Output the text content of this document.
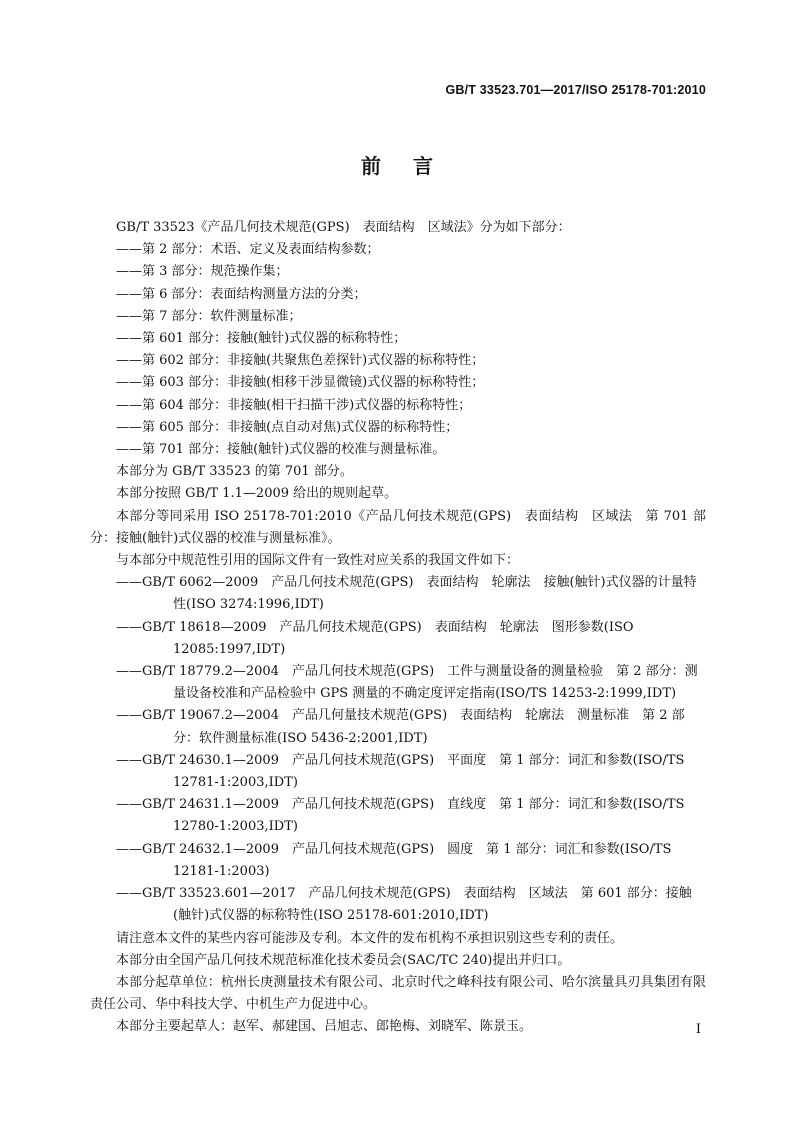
GB/T 33523.701—2017/ISO 25178-701:2010
前言

GB/T 33523《产品几何技术规范(GPS)　表面结构　区域法》分为如下部分：

——第 2 部分：术语、定义及表面结构参数；

——第 3 部分：规范操作集；

——第 6 部分：表面结构测量方法的分类；

——第 7 部分：软件测量标准；

——第 601 部分：接触(触针)式仪器的标称特性；

——第 602 部分：非接触(共聚焦色差探针)式仪器的标称特性；

——第 603 部分：非接触(相移干涉显微镜)式仪器的标称特性；

——第 604 部分：非接触(相干扫描干涉)式仪器的标称特性；

——第 605 部分：非接触(点自动对焦)式仪器的标称特性；

——第 701 部分：接触(触针)式仪器的校准与测量标准。

本部分为 GB/T 33523 的第 701 部分。

本部分按照 GB/T 1.1—2009 给出的规则起草。

本部分等同采用 ISO 25178-701:2010《产品几何技术规范(GPS)　表面结构　区域法　第 701 部分：接触(触针)式仪器的校准与测量标准》。

与本部分中规范性引用的国际文件有一致性对应关系的我国文件如下：

——GB/T 6062—2009　产品几何技术规范(GPS)　表面结构　轮廓法　接触(触针)式仪器的计量特性(ISO 3274:1996,IDT)

——GB/T 18618—2009　产品几何技术规范(GPS)　表面结构　轮廓法　图形参数(ISO 12085:1997,IDT)

——GB/T 18779.2—2004　产品几何技术规范(GPS)　工件与测量设备的测量检验　第 2 部分：测量设备校准和产品检验中 GPS 测量的不确定度评定指南(ISO/TS 14253-2:1999,IDT)

——GB/T 19067.2—2004　产品几何量技术规范(GPS)　表面结构　轮廓法　测量标准　第 2 部分：软件测量标准(ISO 5436-2:2001,IDT)

——GB/T 24630.1—2009　产品几何技术规范(GPS)　平面度　第 1 部分：词汇和参数(ISO/TS 12781-1:2003,IDT)

——GB/T 24631.1—2009　产品几何技术规范(GPS)　直线度　第 1 部分：词汇和参数(ISO/TS 12780-1:2003,IDT)

——GB/T 24632.1—2009　产品几何技术规范(GPS)　圆度　第 1 部分：词汇和参数(ISO/TS 12181-1:2003)

——GB/T 33523.601—2017　产品几何技术规范(GPS)　表面结构　区域法　第 601 部分：接触(触针)式仪器的标称特性(ISO 25178-601:2010,IDT)

请注意本文件的某些内容可能涉及专利。本文件的发布机构不承担识别这些专利的责任。

本部分由全国产品几何技术规范标准化技术委员会(SAC/TC 240)提出并归口。

本部分起草单位：杭州长庚测量技术有限公司、北京时代之峰科技有限公司、哈尔滨量具刃具集团有限责任公司、华中科技大学、中机生产力促进中心。

本部分主要起草人：赵军、郝建国、吕旭志、郎艳梅、刘晓军、陈景玉。	I
